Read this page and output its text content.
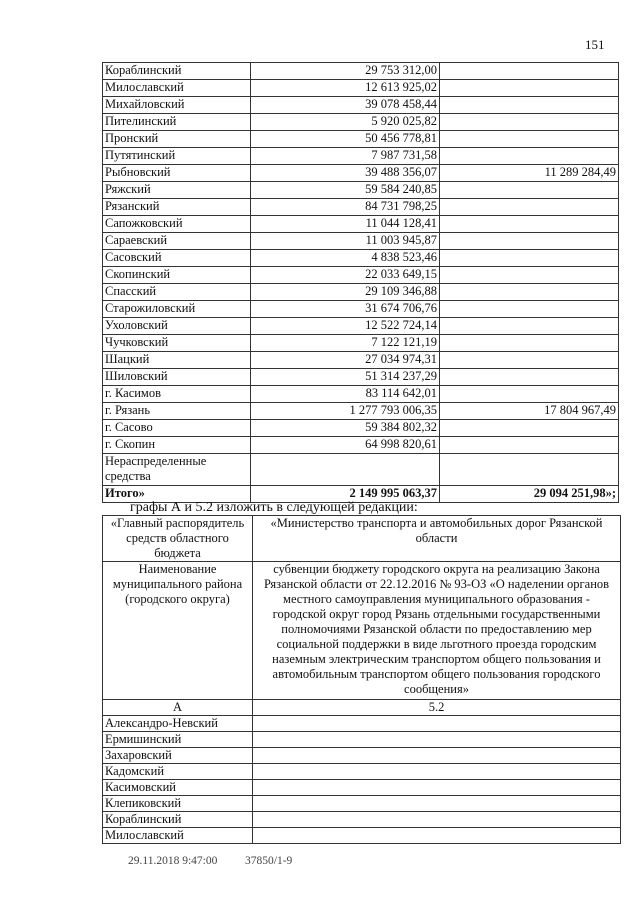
151
Кораблинский	29 753 312,00	
Милославский	12 613 925,02	
Михайловский	39 078 458,44	
Пителинский	5 920 025,82	
Пронский	50 456 778,81	
Путятинский	7 987 731,58	
Рыбновский	39 488 356,07	11 289 284,49
Ряжский	59 584 240,85	
Рязанский	84 731 798,25	
Сапожковский	11 044 128,41	
Сараевский	11 003 945,87	
Сасовский	4 838 523,46	
Скопинский	22 033 649,15	
Спасский	29 109 346,88	
Старожиловский	31 674 706,76	
Ухоловский	12 522 724,14	
Чучковский	7 122 121,19	
Шацкий	27 034 974,31	
Шиловский	51 314 237,29	
г. Касимов	83 114 642,01	
г. Рязань	1 277 793 006,35	17 804 967,49
г. Сасово	59 384 802,32	
г. Скопин	64 998 820,61	
Нераспределенные средства		
Итого»	2 149 995 063,37	29 094 251,98»;
графы А и 5.2 изложить в следующей редакции:
«Главный распорядитель средств областного бюджета	«Министерство транспорта и автомобильных дорог Рязанской области
Наименование муниципального района (городского округа)	субвенции бюджету городского округа на реализацию Закона Рязанской области от 22.12.2016 № 93-ОЗ «О наделении органов местного самоуправления муниципального образования - городской округ город Рязань отдельными государственными полномочиями Рязанской области по предоставлению мер социальной поддержки в виде льготного проезда городским наземным электрическим транспортом общего пользования и автомобильным транспортом общего пользования городского сообщения»
А	5.2
Александро-Невский	
Ермишинский	
Захаровский	
Кадомский	
Касимовский	
Клепиковский	
Кораблинский	
Милославский	
29.11.2018 9:47:00 37850/1-9
